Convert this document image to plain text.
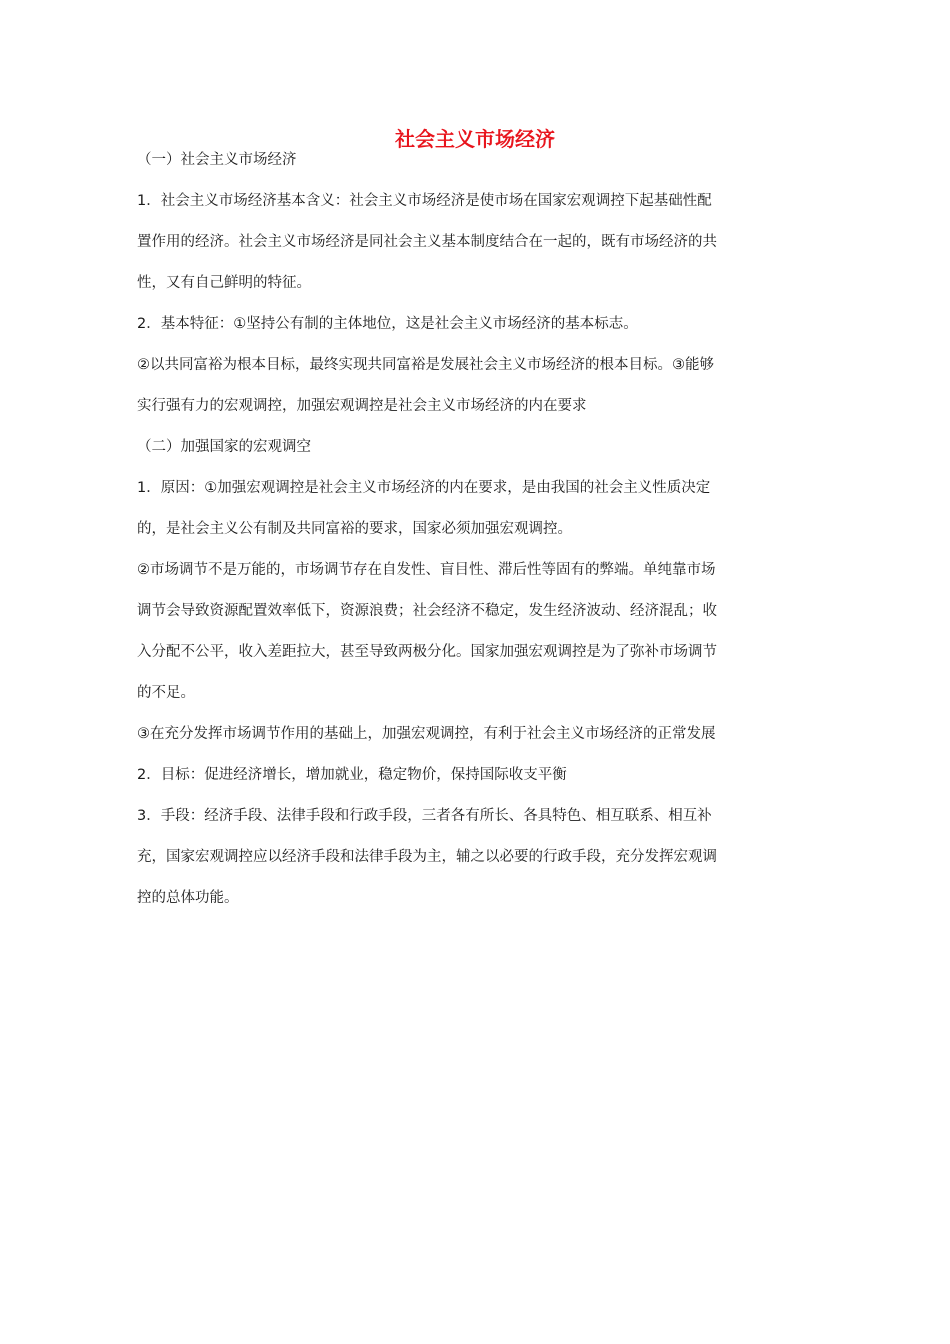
社会主义市场经济

（一）社会主义市场经济

1．社会主义市场经济基本含义：社会主义市场经济是使市场在国家宏观调控下起基础性配

置作用的经济。社会主义市场经济是同社会主义基本制度结合在一起的，既有市场经济的共

性，又有自己鲜明的特征。

2．基本特征：①坚持公有制的主体地位，这是社会主义市场经济的基本标志。

②以共同富裕为根本目标，最终实现共同富裕是发展社会主义市场经济的根本目标。③能够

实行强有力的宏观调控，加强宏观调控是社会主义市场经济的内在要求

（二）加强国家的宏观调空

1．原因：①加强宏观调控是社会主义市场经济的内在要求，是由我国的社会主义性质决定

的，是社会主义公有制及共同富裕的要求，国家必须加强宏观调控。

②市场调节不是万能的，市场调节存在自发性、盲目性、滞后性等固有的弊端。单纯靠市场

调节会导致资源配置效率低下，资源浪费；社会经济不稳定，发生经济波动、经济混乱；收

入分配不公平，收入差距拉大，甚至导致两极分化。国家加强宏观调控是为了弥补市场调节

的不足。

③在充分发挥市场调节作用的基础上，加强宏观调控，有利于社会主义市场经济的正常发展

2．目标：促进经济增长，增加就业，稳定物价，保持国际收支平衡

3．手段：经济手段、法律手段和行政手段，三者各有所长、各具特色、相互联系、相互补

充，国家宏观调控应以经济手段和法律手段为主，辅之以必要的行政手段，充分发挥宏观调

控的总体功能。
